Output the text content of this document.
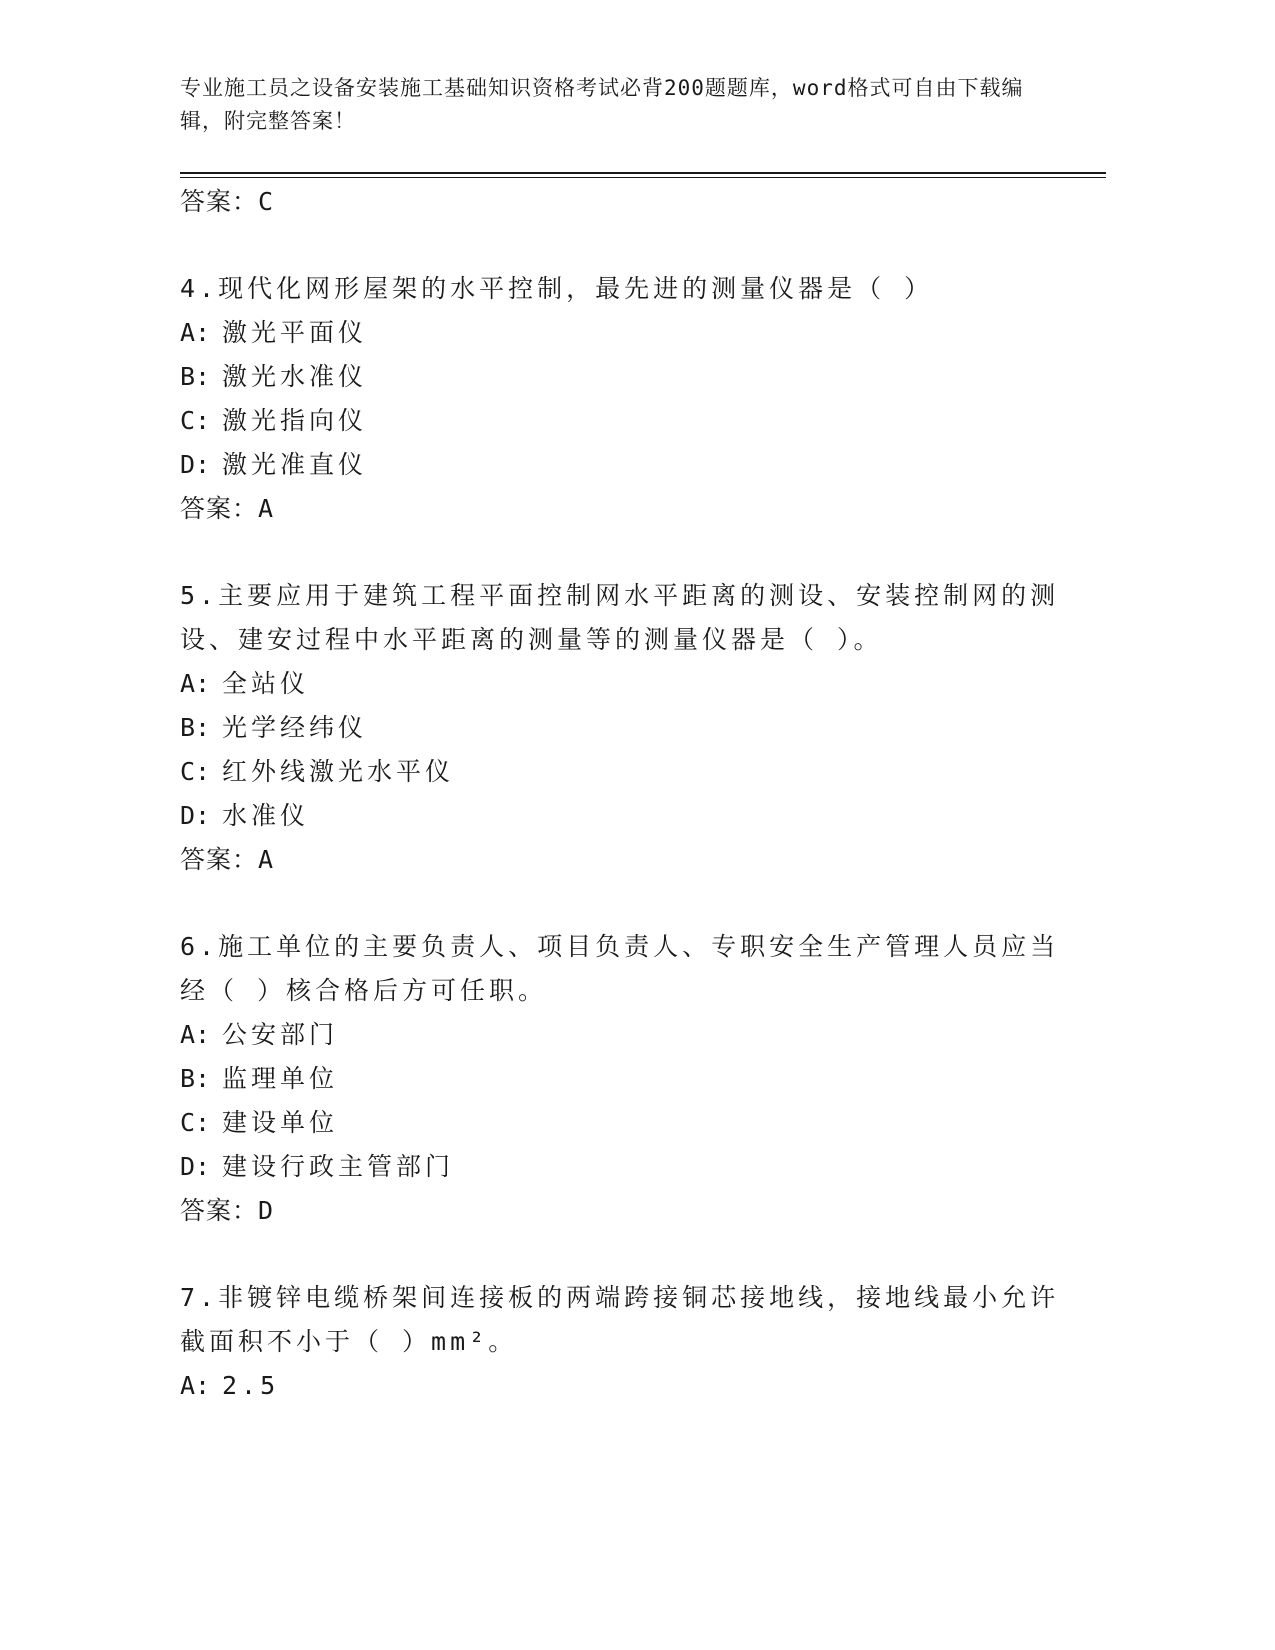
专业施工员之设备安装施工基础知识资格考试必背200题题库，word格式可自由下载编辑，附完整答案！
答案：C
4.现代化网形屋架的水平控制，最先进的测量仪器是（ ）
A: 激光平面仪
B: 激光水准仪
C: 激光指向仪
D: 激光准直仪
答案：A
5.主要应用于建筑工程平面控制网水平距离的测设、安装控制网的测设、建安过程中水平距离的测量等的测量仪器是（ ）。
A: 全站仪
B: 光学经纬仪
C: 红外线激光水平仪
D: 水准仪
答案：A
6.施工单位的主要负责人、项目负责人、专职安全生产管理人员应当经（ ）核合格后方可任职。
A: 公安部门
B: 监理单位
C: 建设单位
D: 建设行政主管部门
答案：D
7.非镀锌电缆桥架间连接板的两端跨接铜芯接地线，接地线最小允许截面积不小于（ ）mm²。
A: 2.5
